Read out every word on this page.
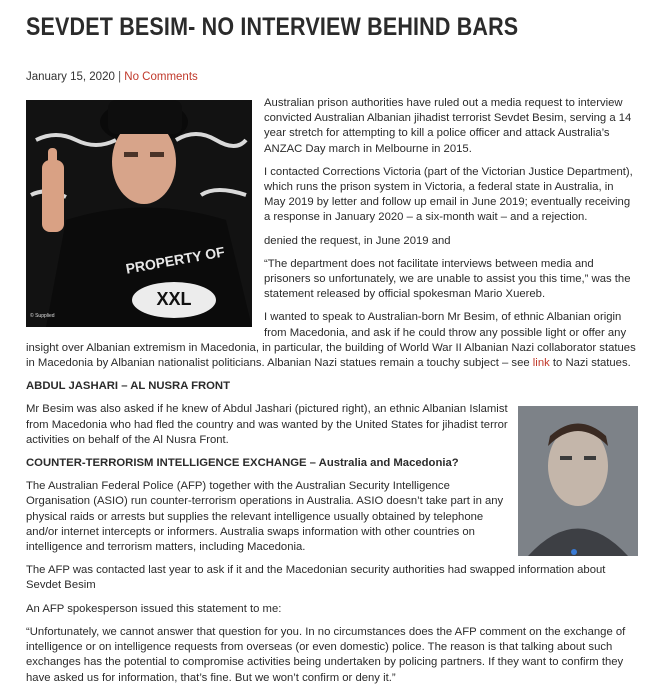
SEVDET BESIM- NO INTERVIEW BEHIND BARS
January 15, 2020 | No Comments
XXL
PROPERTY OF
© Supplied

Australian prison authorities have ruled out a media request to interview convicted Australian Albanian jihadist terrorist Sevdet Besim, serving a 14 year stretch for attempting to kill a police officer and attack Australia’s ANZAC Day march in Melbourne in 2015.

I contacted Corrections Victoria (part of the Victorian Justice Department), which runs the prison system in Victoria, a federal state in Australia, in May 2019 by letter and follow up email in June 2019; eventually receiving a response in January 2020 – a six-month wait – and a rejection.

denied the request, in June 2019 and

“The department does not facilitate interviews between media and prisoners so unfortunately, we are unable to assist you this time,” was the statement released by official spokesman Mario Xuereb.

I wanted to speak to Australian-born Mr Besim, of ethnic Albanian origin from Macedonia, and ask if he could throw any possible light or offer any insight over Albanian extremism in Macedonia, in particular, the building of World War II Albanian Nazi collaborator statues in Macedonia by Albanian nationalist politicians. Albanian Nazi statues remain a touchy subject – see link to Nazi statues.

ABDUL JASHARI – AL NUSRA FRONT

Mr Besim was also asked if he knew of Abdul Jashari (pictured right), an ethnic Albanian Islamist from Macedonia who had fled the country and was wanted by the United States for jihadist terror activities on behalf of the Al Nusra Front.

COUNTER-TERRORISM INTELLIGENCE EXCHANGE – Australia and Macedonia?

The Australian Federal Police (AFP) together with the Australian Security Intelligence Organisation (ASIO) run counter-terrorism operations in Australia. ASIO doesn’t take part in any physical raids or arrests but supplies the relevant intelligence usually obtained by telephone and/or internet intercepts or informers. Australia swaps information with other countries on intelligence and terrorism matters, including Macedonia.

The AFP was contacted last year to ask if it and the Macedonian security authorities had swapped information about Sevdet Besim

An AFP spokesperson issued this statement to me:

“Unfortunately, we cannot answer that question for you. In no circumstances does the AFP comment on the exchange of intelligence or on intelligence requests from overseas (or even domestic) police. The reason is that talking about such exchanges has the potential to compromise activities being undertaken by policing partners. If they want to confirm they have asked us for information, that’s fine. But we won’t confirm or deny it.”
